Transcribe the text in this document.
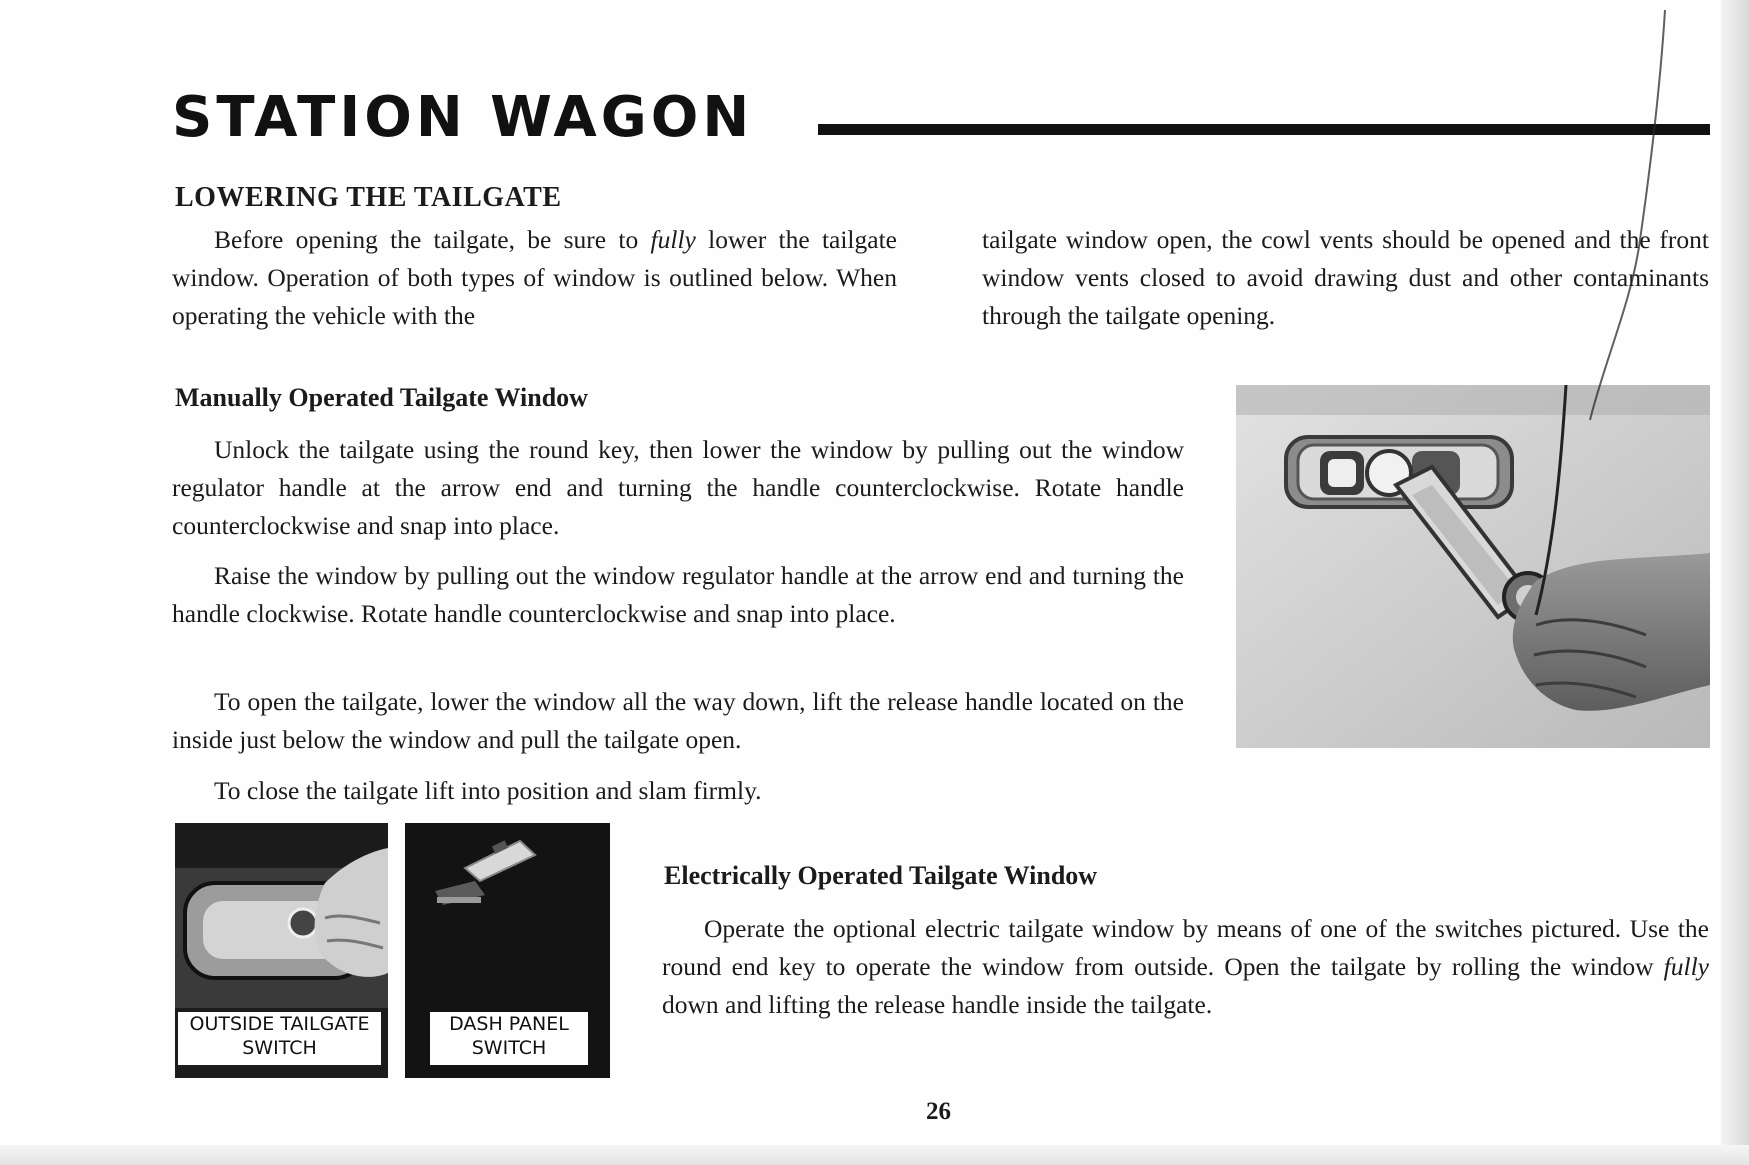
STATION WAGON
LOWERING THE TAILGATE

Before opening the tailgate, be sure to fully lower the tailgate window. Operation of both types of window is outlined below. When operating the vehicle with the

tailgate window open, the cowl vents should be opened and the front window vents closed to avoid drawing dust and other contaminants through the tailgate opening.

Manually Operated Tailgate Window

Unlock the tailgate using the round key, then lower the window by pulling out the window regulator handle at the arrow end and turning the handle counterclockwise. Rotate handle counterclockwise and snap into place.

Raise the window by pulling out the window regulator handle at the arrow end and turning the handle clockwise. Rotate handle counterclockwise and snap into place.

To open the tailgate, lower the window all the way down, lift the release handle located on the inside just below the window and pull the tailgate open.

To close the tailgate lift into position and slam firmly.

OUTSIDE TAILGATE
SWITCH
DASH PANEL
SWITCH
Electrically Operated Tailgate Window

Operate the optional electric tailgate window by means of one of the switches pictured. Use the round end key to operate the window from outside. Open the tailgate by rolling the window fully down and lifting the release handle inside the tailgate.

26
